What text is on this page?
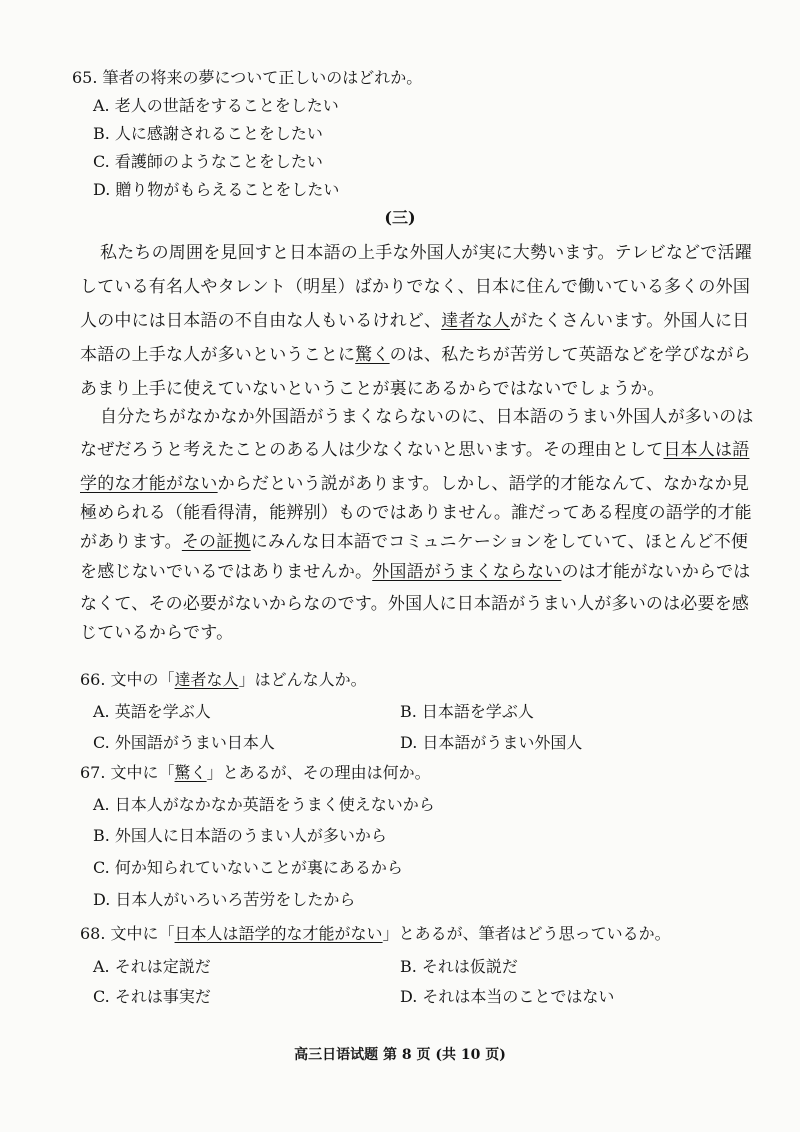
65. 筆者の将来の夢について正しいのはどれか。
A. 老人の世話をすることをしたい
B. 人に感謝されることをしたい
C. 看護師のようなことをしたい
D. 贈り物がもらえることをしたい
(三)
私たちの周囲を見回すと日本語の上手な外国人が実に大勢います。テレビなどで活躍
している有名人やタレント（明星）ばかりでなく、日本に住んで働いている多くの外国
人の中には日本語の不自由な人もいるけれど、達者な人がたくさんいます。外国人に日
本語の上手な人が多いということに驚くのは、私たちが苦労して英語などを学びながら
あまり上手に使えていないということが裏にあるからではないでしょうか。
自分たちがなかなか外国語がうまくならないのに、日本語のうまい外国人が多いのは
なぜだろうと考えたことのある人は少なくないと思います。その理由として日本人は語
学的な才能がないからだという説があります。しかし、語学的才能なんて、なかなか見
極められる（能看得清，能辨别）ものではありません。誰だってある程度の語学的才能
があります。その証拠にみんな日本語でコミュニケーションをしていて、ほとんど不便
を感じないでいるではありませんか。外国語がうまくならないのは才能がないからでは
なくて、その必要がないからなのです。外国人に日本語がうまい人が多いのは必要を感
じているからです。
66. 文中の「達者な人」はどんな人か。
A. 英語を学ぶ人	B. 日本語を学ぶ人
C. 外国語がうまい日本人	D. 日本語がうまい外国人
67. 文中に「驚く」とあるが、その理由は何か。
A. 日本人がなかなか英語をうまく使えないから
B. 外国人に日本語のうまい人が多いから
C. 何か知られていないことが裏にあるから
D. 日本人がいろいろ苦労をしたから
68. 文中に「日本人は語学的な才能がない」とあるが、筆者はどう思っているか。
A. それは定説だ	B. それは仮説だ
C. それは事実だ	D. それは本当のことではない
高三日语试题 第 8 页 (共 10 页)
